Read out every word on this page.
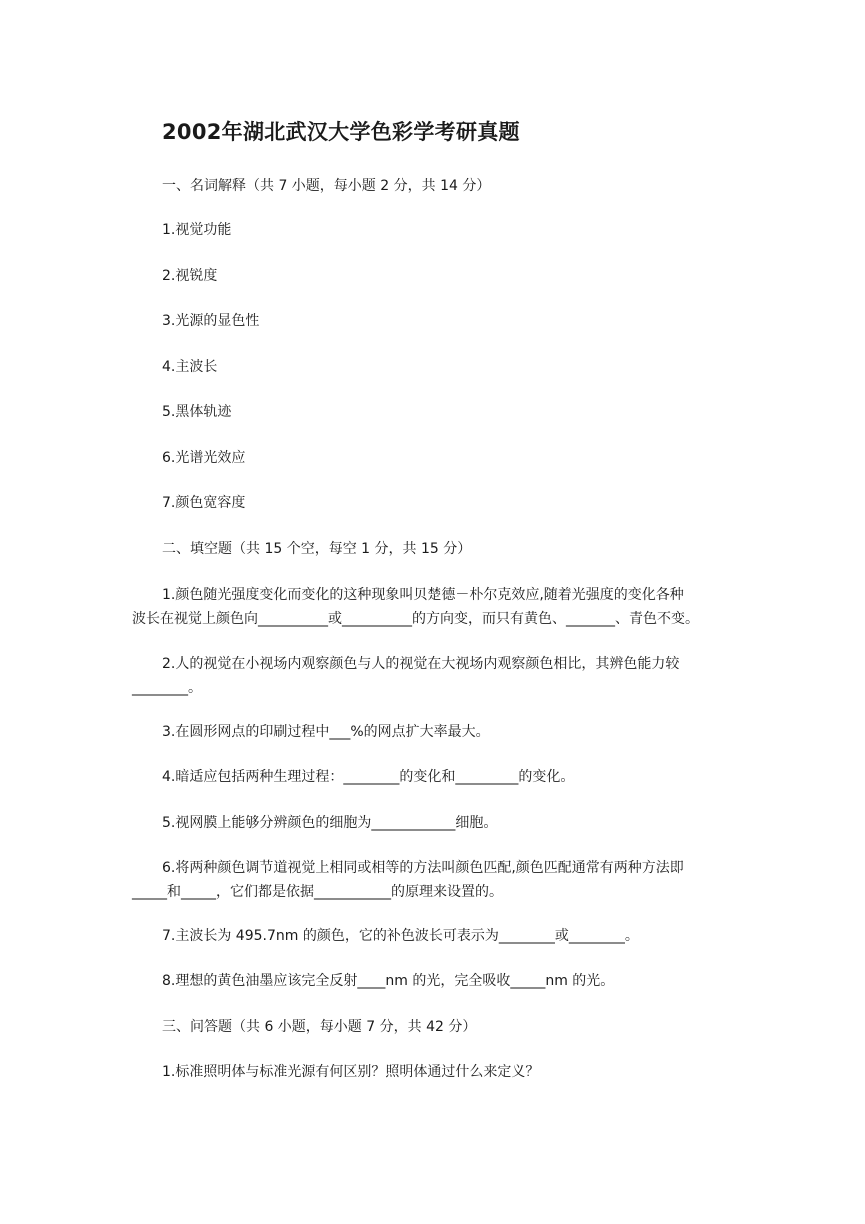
2002年湖北武汉大学色彩学考研真题
一、名词解释（共 7 小题，每小题 2 分，共 14 分）
1.视觉功能
2.视锐度
3.光源的显色性
4.主波长
5.黑体轨迹
6.光谱光效应
7.颜色宽容度
二、填空题（共 15 个空，每空 1 分，共 15 分）
1.颜色随光强度变化而变化的这种现象叫贝楚德－朴尔克效应,随着光强度的变化各种
波长在视觉上颜色向__________或__________的方向变，而只有黄色、_______、青色不变。
2.人的视觉在小视场内观察颜色与人的视觉在大视场内观察颜色相比，其辨色能力较
________。
3.在圆形网点的印刷过程中___%的网点扩大率最大。
4.暗适应包括两种生理过程：________的变化和_________的变化。
5.视网膜上能够分辨颜色的细胞为____________细胞。
6.将两种颜色调节道视觉上相同或相等的方法叫颜色匹配,颜色匹配通常有两种方法即
_____和_____，它们都是依据___________的原理来设置的。
7.主波长为 495.7nm 的颜色，它的补色波长可表示为________或________。
8.理想的黄色油墨应该完全反射____nm 的光，完全吸收_____nm 的光。
三、问答题（共 6 小题，每小题 7 分，共 42 分）
1.标准照明体与标准光源有何区别？照明体通过什么来定义？
